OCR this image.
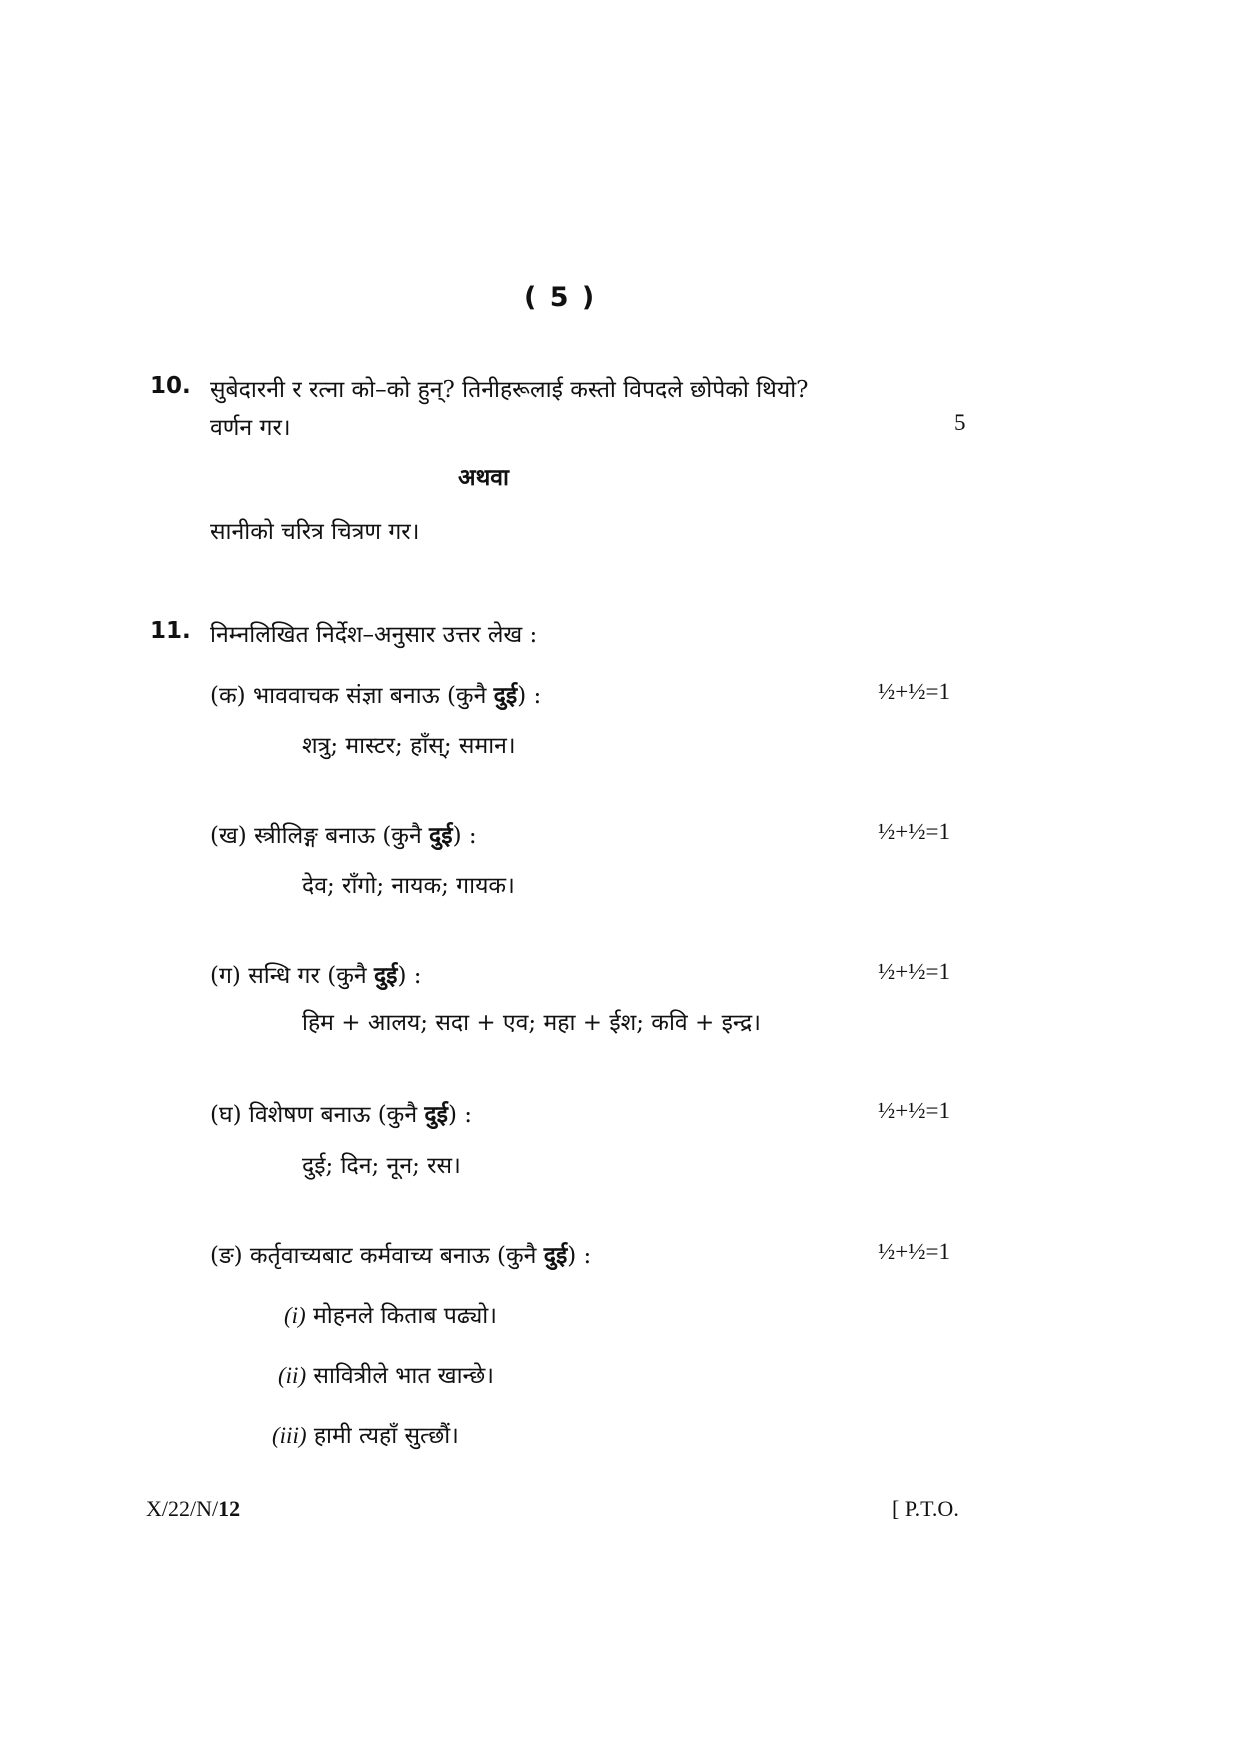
( 5 )
10. सुबेदारनी र रत्ना को–को हुन्? तिनीहरूलाई कस्तो विपदले छोपेको थियो?
वर्णन गर।	5
अथवा
सानीको चरित्र चित्रण गर।
11. निम्नलिखित निर्देश–अनुसार उत्तर लेख :
(क) भाववाचक संज्ञा बनाऊ (कुनै दुई) :	½+½=1
शत्रु; मास्टर; हाँस्; समान।
(ख) स्त्रीलिङ्ग बनाऊ (कुनै दुई) :	½+½=1
देव; राँगो; नायक; गायक।
(ग) सन्धि गर (कुनै दुई) :	½+½=1
हिम + आलय; सदा + एव; महा + ईश; कवि + इन्द्र।
(घ) विशेषण बनाऊ (कुनै दुई) :	½+½=1
दुई; दिन; नून; रस।
(ङ) कर्तृवाच्यबाट कर्मवाच्य बनाऊ (कुनै दुई) :	½+½=1
(i) मोहनले किताब पढ्यो।
(ii) सावित्रीले भात खान्छे।
(iii) हामी त्यहाँ सुत्छौं।
X/22/N/12	[ P.T.O.
